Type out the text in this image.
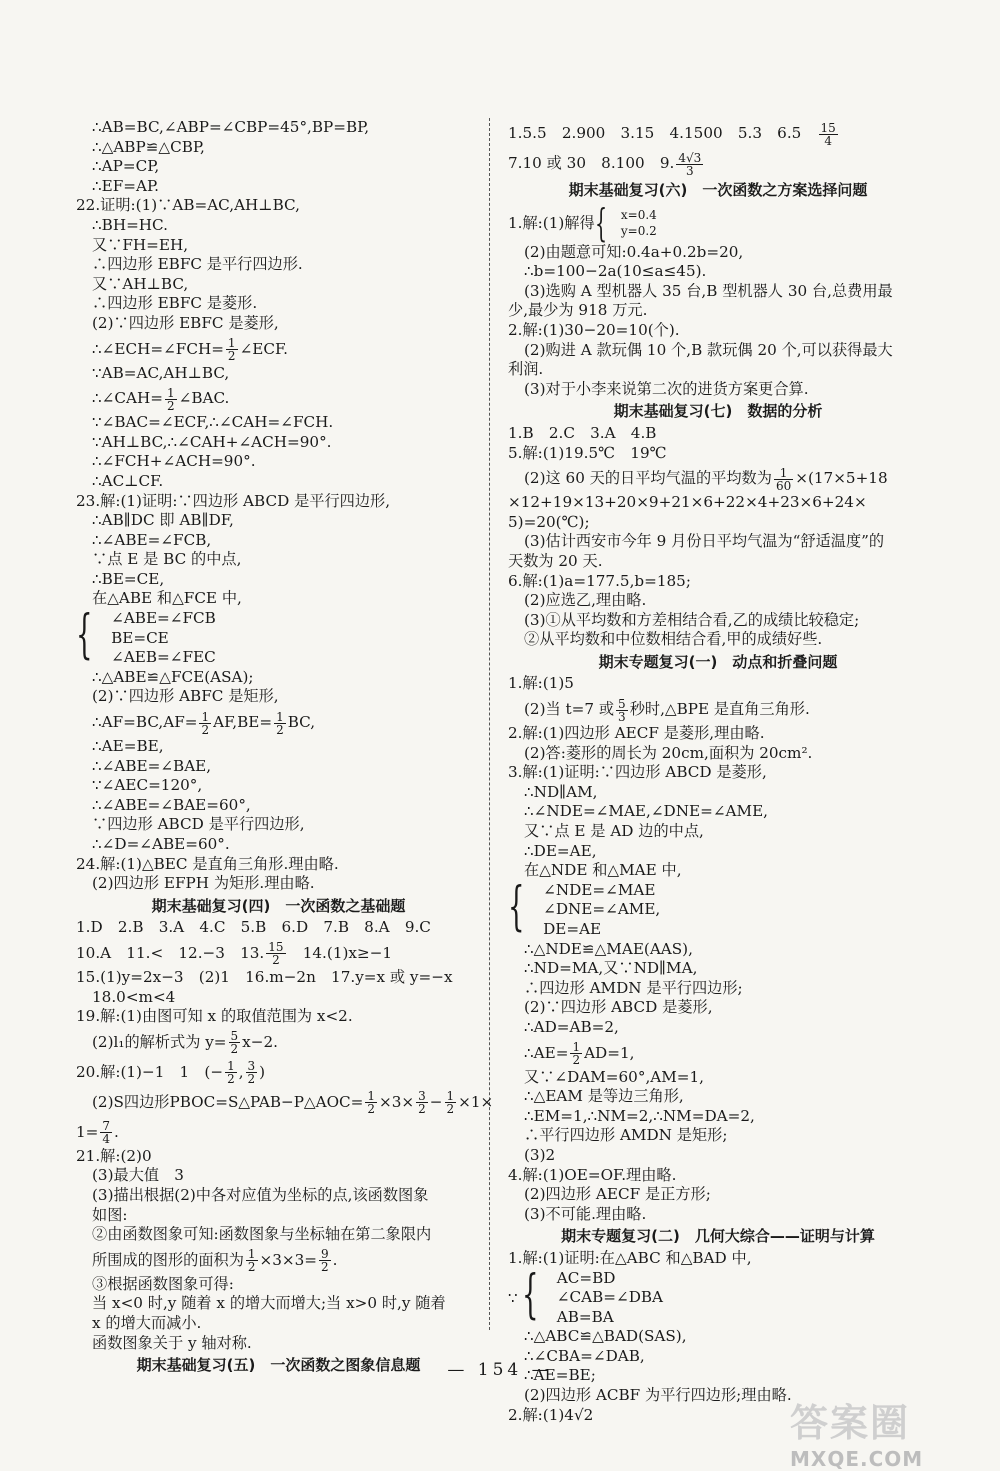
∴AB=BC,∠ABP=∠CBP=45°,BP=BP,
∴△ABP≌△CBP,
∴AP=CP,
∴EF=AP.
22.证明:(1)∵AB=AC,AH⊥BC,
∴BH=HC.
又∵FH=EH,
∴四边形 EBFC 是平行四边形.
又∵AH⊥BC,
∴四边形 EBFC 是菱形.
(2)∵四边形 EBFC 是菱形,
∴∠ECH=∠FCH= $\frac{1}{2}$ ∠ECF.
∵AB=AC,AH⊥BC,
∴∠CAH= $\frac{1}{2}$ ∠BAC.
∵∠BAC=∠ECF,∴∠CAH=∠FCH.
∵AH⊥BC,∴∠CAH+∠ACH=90°.
∴∠FCH+∠ACH=90°.
∴AC⊥CF.
23.解:(1)证明:∵四边形 ABCD 是平行四边形,
∴AB∥DC 即 AB∥DF,
∴∠ABE=∠FCB,
∵点 E 是 BC 的中点,
∴BE=CE,
在△ABE 和△FCE 中,
{ ∠ABE=∠FCB
BE=CE
∠AEB=∠FEC
∴△ABE≌△FCE(ASA);
(2)∵四边形 ABFC 是矩形,
∴AF=BC,AF= $\frac{1}{2} AF,BE= \frac{1}{2}$ BC,
∴AE=BE,
∴∠ABE=∠BAE,
∵∠AEC=120°,
∴∠ABE=∠BAE=60°,
∵四边形 ABCD 是平行四边形,
∴∠D=∠ABE=60°.
24.解:(1)△BEC 是直角三角形.理由略.
(2)四边形 EFPH 为矩形.理由略.
期末基础复习(四)　一次函数之基础题
1.D　2.B　3.A　4.C　5.B　6.D　7.B　8.A　9.C
10.A　11.<　12.−3　13. $\frac{15}{2}$ 　14.(1)x≥−1
15.(1)y=2x−3　(2)1　16.m−2n　17.y=x 或 y=−x
18.0<m<4
19.解:(1)由图可知 x 的取值范围为 x<2.
(2)l₁的解析式为 $y= \frac{5}{2} x-2$.
20.解:(1)−1　1　(− $\frac{1}{2}$ , $\frac{3}{2}$ )
(2)S四边形PBOC=S△PAB−P△AOC= $\frac{1}{2} \times 3\times \frac{3}{2} - \frac{1}{2} \times 1\times$
$1= \frac{7}{4}$ .
21.解:(2)0
(3)最大值　3
(3)描出根据(2)中各对应值为坐标的点,该函数图象
如图:
②由函数图象可知:函数图象与坐标轴在第二象限内
所围成的图形的面积为 $\frac{1}{2} \times 3\times 3= \frac{9}{2}$ .
③根据函数图象可得:
当 x<0 时,y 随着 x 的增大而增大;当 x>0 时,y 随着
x 的增大而减小.
函数图象关于 y 轴对称.
期末基础复习(五)　一次函数之图象信息题
1.5.5　2.900　3.15　4.1500　5.3　6.5　 $\frac{15}{4}$
7.10 或 30　8.100　9. $\frac{4√3}{3}$
期末基础复习(六)　一次函数之方案选择问题
1.解:(1)解得 { x=0.4
y=0.2
(2)由题意可知:0.4a+0.2b=20,
∴b=100−2a(10≤a≤45).
(3)选购 A 型机器人 35 台,B 型机器人 30 台,总费用最
少,最少为 918 万元.
2.解:(1)30−20=10(个).
(2)购进 A 款玩偶 10 个,B 款玩偶 20 个,可以获得最大
利润.
(3)对于小李来说第二次的进货方案更合算.
期末基础复习(七)　数据的分析
1.B　2.C　3.A　4.B
5.解:(1)19.5℃　19℃
(2)这 60 天的日平均气温的平均数为 $\frac{1}{60} \times(17\times 5+18$
×12+19×13+20×9+21×6+22×4+23×6+24×
5)=20(℃);
(3)估计西安市今年 9 月份日平均气温为“舒适温度”的
天数为 20 天.
6.解:(1)a=177.5,b=185;
(2)应选乙,理由略.
(3)①从平均数和方差相结合看,乙的成绩比较稳定;
②从平均数和中位数相结合看,甲的成绩好些.
期末专题复习(一)　动点和折叠问题
1.解:(1)5
(2)当 t=7 或 $\frac{5}{3}$ 秒时,△BPE 是直角三角形.
2.解:(1)四边形 AECF 是菱形,理由略.
(2)答:菱形的周长为 20cm,面积为 20cm².
3.解:(1)证明:∵四边形 ABCD 是菱形,
∴ND∥AM,
∴∠NDE=∠MAE,∠DNE=∠AME,
又∵点 E 是 AD 边的中点,
∴DE=AE,
在△NDE 和△MAE 中,
{ ∠NDE=∠MAE
∠DNE=∠AME,
DE=AE
∴△NDE≌△MAE(AAS),
∴ND=MA,又∵ND∥MA,
∴四边形 AMDN 是平行四边形;
(2)∵四边形 ABCD 是菱形,
∴AD=AB=2,
∴AE= $\frac{1}{2} AD=1$,
又∵∠DAM=60°,AM=1,
∴△EAM 是等边三角形,
∴EM=1,∴NM=2,∴NM=DA=2,
∴平行四边形 AMDN 是矩形;
(3)2
4.解:(1)OE=OF.理由略.
(2)四边形 AECF 是正方形;
(3)不可能.理由略.
期末专题复习(二)　几何大综合——证明与计算
1.解:(1)证明:在△ABC 和△BAD 中,
∵ { AC=BD
∠CAB=∠DBA
AB=BA
∴△ABC≌△BAD(SAS),
∴∠CBA=∠DAB,
∴AE=BE;
(2)四边形 ACBF 为平行四边形;理由略.
2.解:(1)4√2
— 154 —
答案圈
MXQE.COM
